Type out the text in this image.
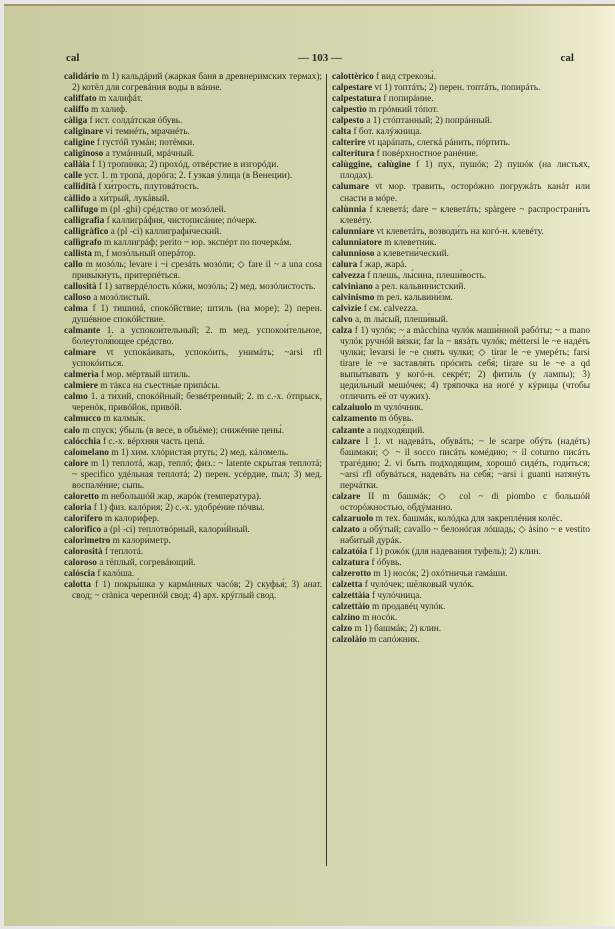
cal	— 103 —	cal
calidário m 1) кальдáрий (жаркая баня в древнеримских термах); 2) котёл для согревáния воды в вáнне.
califfato m халифáт.
califfo m халиф.
càliga f ист. солдáтская óбувь.
caliginare vi темнéть, мрачнéть.
caligine f густóй тумáн; потёмки.
caliginoso a тумáнный, мрáчный.
callàia f 1) тропи́нка; 2) прохóд, отвéрстие в изгорóди.
calle уст. 1. m тропá, дорóга; 2. f узкая ýлица (в Венеции).
callidità f хи́трость, плутовáтость.
càllido a хи́трый, лукáвый.
callìfugo m (pl -ghi) срéдство от мозóлей.
calligrafia f каллигрáфия, чистописáние; пóчерк.
calligràfico a (pl -ci) каллиграфи́ческий.
callìgrafo m каллигрáф; perito ~ юр. экспéрт по почеркáм.
callista m, f мозóльный оперáтор.
callo m мозóль; levare i ~i срезáть мозóли; ◇ fare il ~ a una cosa привы́кнуть, притерпéться.
callosità f 1) затвердéлость кóжи, мозóль; 2) мед. мозóлистость.
calloso a мозóлистый.
calma f 1) тишинá, спокóйствие; штиль (на море); 2) перен. душéвное спокóйствие.
calmante 1. a успокои́тельный; 2. m мед. успокои́тельное, болеутоля́ющее срéдство.
calmare vt успокáивать, успокóить, унимáть; ~arsi rfl успокóиться.
calmerìa f мор. мёртвый штиль.
calmiere m тáкса на съестны́е припáсы.
calmo 1. a ти́хий, спокóйный; безвéтренный; 2. m с.-х. óтпрыск, черенóк, привóйок, привóй.
calmucco m калмы́к.
calo m спуск; ýбыль (в весе, в объёме); снижéние цены́.
calócchia f с.-х. вéрхняя часть цепá.
calomelano m 1) хим. хлóристая ртуть; 2) мед. кáломель.
calore m 1) теплотá, жар, теплó; физ.: ~ latente скры́тая теплотá; ~ specifico удéльная теплотá; 2) перен. усéрдие, пыл; 3) мед. воспалéние; сыпь.
caloretto m небольшóй жар, жарóк (температура).
caloria f 1) физ. калóрия; 2) с.-х. удобрéние пóчвы.
calorìfero m калори́фер.
calorìfico a (pl -ci) теплотвóрный, калори́йный.
calorìmetro m калори́метр.
calorosità f теплотá.
caloroso a тёплый, согревáющий.
calóscia f калóша.
calotta f 1) покры́шка у кармáнных часóв; 2) скуфья́; 3) анат. свод; ~ crànica черепнóй свод; 4) арх. крýглый свод.
calottèrico f вид стрекозы́.
calpestare vt 1) топтáть; 2) перен. топтáть, попирáть.
calpestatura f попирáние.
calpestìo m грóмкий тóпот.
calpesto a 1) стóптанный; 2) попрáнный.
calta f бот. калýжница.
calterire vt царáпать, слегкá рáнить, пóртить.
calteritura f повéрхностное ранéние.
calùggine, calùgine f 1) пух, пушóк; 2) пушóк (на листьях, плодах).
calumare vt мор. травить, осторóжно погружáть канáт или снасти в мóре.
calùnnia f клеветá; dare ~ клеветáть; spàrgere ~ распространя́ть клевéту.
calunniare vt клеветáть, возводи́ть на когó-н. клевéту.
calunniatore m клеветни́к.
calunnioso a клеветни́ческий.
calura f жар, жарá.
calvezza f плешь, лы́сина, плеши́вость.
calvinìano a рел. кальвини́стский.
calvinismo m рел. кальвини́зм.
calvìzie f см. calvezza.
calvo a, m лы́сый, плеши́вый.
calza f 1) чулóк; ~ a màcchina чулóк маши́нной рабóты; ~ a mano чулóк ручнóй вя́зки; far la ~ вязáть чулóк; méttersi le ~e надéть чулки́; levarsi le ~e снять чулки́; ◇ tirar le ~e умерéть; farsi tirare le ~e заставля́ть прóсить себя́; tirare su le ~e a qd выпы́тывать у когó-н. секрéт; 2) фити́ль (у лампы); 3) цеди́льный мешóчек; 4) тря́почка на ногé у кýрицы (чтобы отличить её от чужих).
calzaiuolo m чулóчник.
calzamento m óбувь.
calzante a подходя́щий.
calzare I 1. vt надевáть, обувáть; ~ le scarpe обýть (надéть) башмаки́; ◇ ~ il socco писáть комéдию; ~ il coturno писáть трагéдию; 2. vi быть подходя́щим, хорошó сидéть, годи́ться; ~arsi rfl обувáться, надевáть на себя́; ~arsi i guanti натянýть перчáтки.
calzare II m башмáк; ◇ col ~ di piombo с большóй осторóжностью, обдýманно.
calzaruolo m тех. башмáк, колóдка для закреплéния колёс.
calzato a обýтый; cavallo ~ белонóгая лóшадь; ◇ àsino ~ e vestito набитый дурáк.
calzatóia f 1) рожóк (для надевания туфель); 2) клин.
calzatura f óбувь.
calzerotto m 1) носóк; 2) охóтничьи гамáши.
calzetta f чулóчек; шёлковый чулóк.
calzettàia f чулóчница.
calzettàio m продавéц чулóк.
calzino m носóк.
calzo m 1) башмáк; 2) клин.
calzolàio m сапóжник.
